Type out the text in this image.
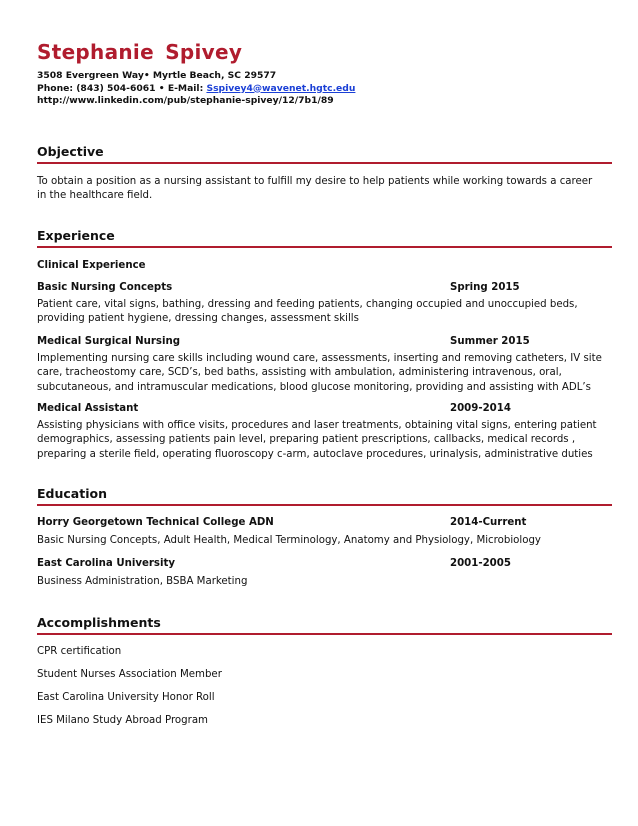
Stephanie Spivey
3508 Evergreen Way• Myrtle Beach, SC 29577
Phone: (843) 504-6061 • E-Mail: Sspivey4@wavenet.hgtc.edu
http://www.linkedin.com/pub/stephanie-spivey/12/7b1/89
Objective
To obtain a position as a nursing assistant to fulfill my desire to help patients while working towards a career in the healthcare field.
Experience
Clinical Experience
Basic Nursing Concepts	Spring 2015
Patient care, vital signs, bathing, dressing and feeding patients, changing occupied and unoccupied beds, providing patient hygiene, dressing changes, assessment skills
Medical Surgical Nursing	Summer 2015
Implementing nursing care skills including wound care, assessments, inserting and removing catheters, IV site care, tracheostomy care, SCD’s, bed baths, assisting with ambulation, administering intravenous, oral, subcutaneous, and intramuscular medications, blood glucose monitoring, providing and assisting with ADL’s
Medical Assistant	2009-2014
Assisting physicians with office visits, procedures and laser treatments, obtaining vital signs, entering patient demographics, assessing patients pain level, preparing patient prescriptions, callbacks, medical records , preparing a sterile field, operating fluoroscopy c-arm, autoclave procedures, urinalysis, administrative duties
Education
Horry Georgetown Technical College ADN	2014-Current
Basic Nursing Concepts, Adult Health, Medical Terminology, Anatomy and Physiology, Microbiology
East Carolina University	2001-2005
Business Administration, BSBA Marketing
Accomplishments
CPR certification
Student Nurses Association Member
East Carolina University Honor Roll
IES Milano Study Abroad Program
